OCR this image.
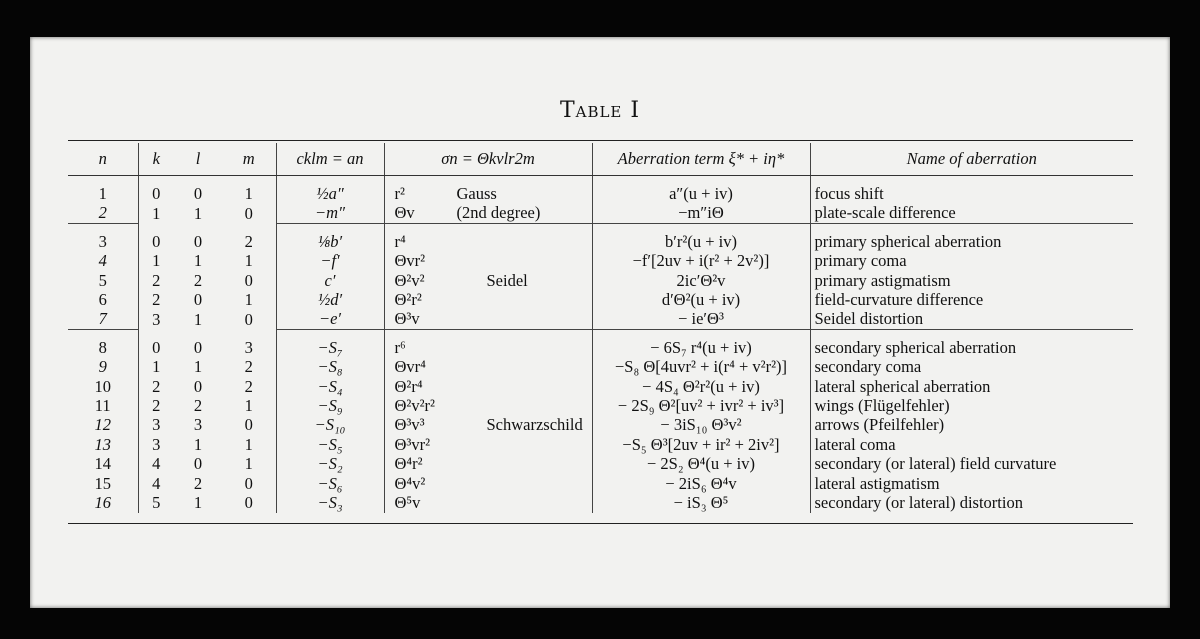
Table I

n	k	l	m	cklm = an	σn = Θkvlr2m	Aberration term ξ* + iη*	Name of aberration
1	0	0	1	½a″	r² Gauss	a″(u + iv)	focus shift
2	1	1	0	−m″	Θv (2nd degree)	−m″iΘ	plate-scale difference
3	0	0	2	⅛b′	r⁴	b′r²(u + iv)	primary spherical aberration
4	1	1	1	−f′	Θvr²	−f′[2uv + i(r² + 2v²)]	primary coma
5	2	2	0	c′	Θ²v² Seidel	2ic′Θ²v	primary astigmatism
6	2	0	1	½d′	Θ²r²	d′Θ²(u + iv)	field-curvature difference
7	3	1	0	−e′	Θ³v	− ie′Θ³	Seidel distortion
8	0	0	3	−S₇	r⁶	− 6S₇ r⁴(u + iv)	secondary spherical aberration
9	1	1	2	−S₈	Θvr⁴	−S₈ Θ[4uvr² + i(r⁴ + v²r²)]	secondary coma
10	2	0	2	−S₄	Θ²r⁴	− 4S₄ Θ²r²(u + iv)	lateral spherical aberration
11	2	2	1	−S₉	Θ²v²r²	− 2S₉ Θ²[uv² + ivr² + iv³]	wings (Flügelfehler)
12	3	3	0	−S₁₀	Θ³v³ Schwarzschild	− 3iS₁₀ Θ³v²	arrows (Pfeilfehler)
13	3	1	1	−S₅	Θ³vr²	−S₅ Θ³[2uv + ir² + 2iv²]	lateral coma
14	4	0	1	−S₂	Θ⁴r²	− 2S₂ Θ⁴(u + iv)	secondary (or lateral) field curvature
15	4	2	0	−S₆	Θ⁴v²	− 2iS₆ Θ⁴v	lateral astigmatism
16	5	1	0	−S₃	Θ⁵v	− iS₃ Θ⁵	secondary (or lateral) distortion
